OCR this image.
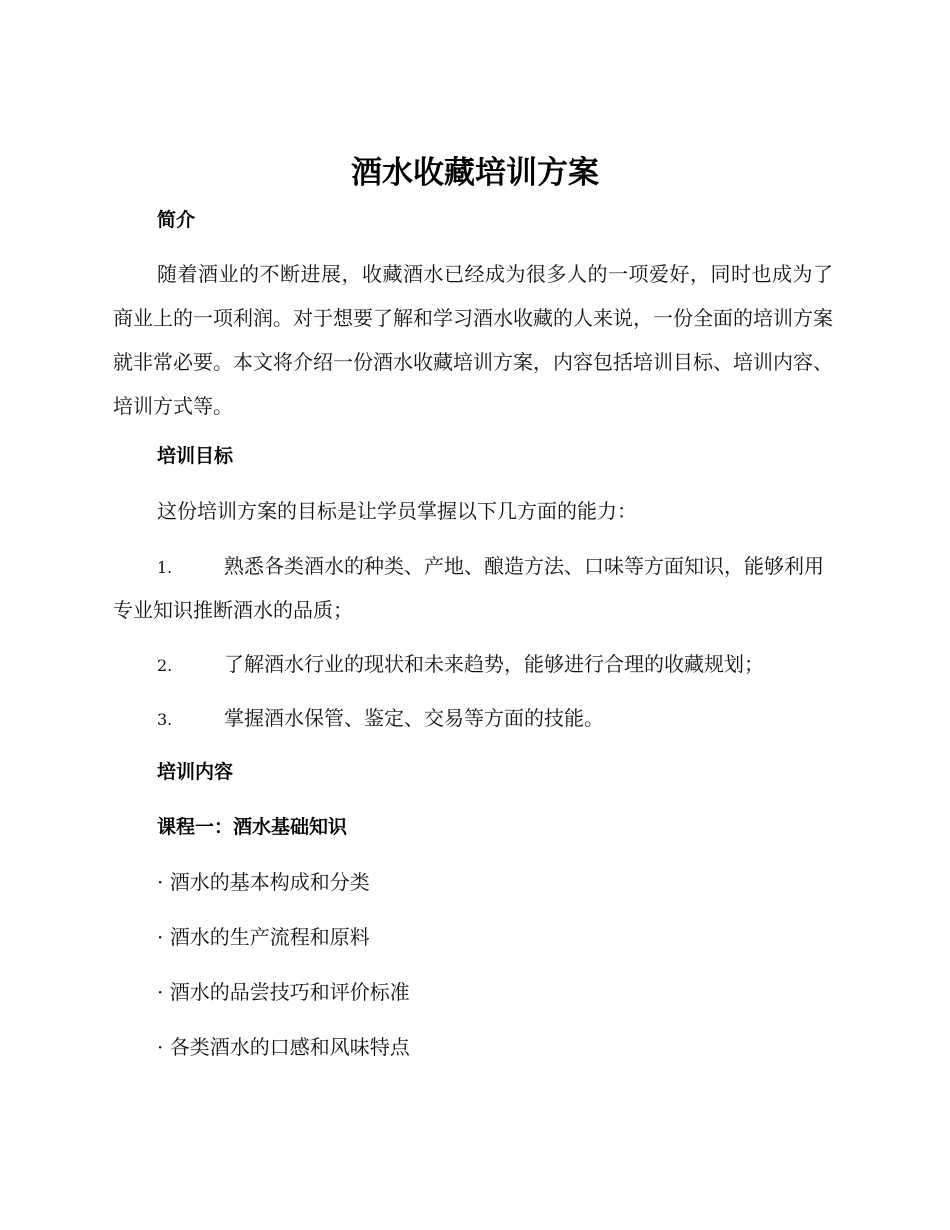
酒水收藏培训方案
简介

随着酒业的不断进展，收藏酒水已经成为很多人的一项爱好，同时也成为了商业上的一项利润。对于想要了解和学习酒水收藏的人来说，一份全面的培训方案就非常必要。本文将介绍一份酒水收藏培训方案，内容包括培训目标、培训内容、培训方式等。

培训目标

这份培训方案的目标是让学员掌握以下几方面的能力：

1.	熟悉各类酒水的种类、产地、酿造方法、口味等方面知识，能够利用专业知识推断酒水的品质；
2.	了解酒水行业的现状和未来趋势，能够进行合理的收藏规划；
3.	掌握酒水保管、鉴定、交易等方面的技能。
培训内容
课程一：酒水基础知识

· 酒水的基本构成和分类

· 酒水的生产流程和原料

· 酒水的品尝技巧和评价标准

· 各类酒水的口感和风味特点
